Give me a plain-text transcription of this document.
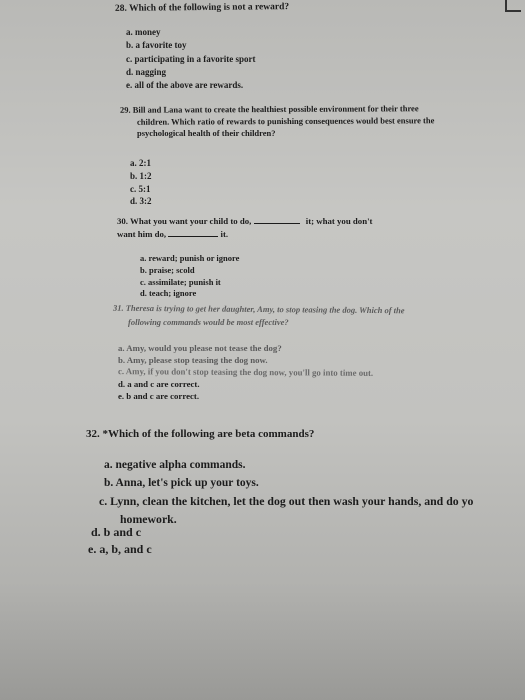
28. Which of the following is not a reward?
a. money
b. a favorite toy
c. participating in a favorite sport
d. nagging
e. all of the above are rewards.
29. Bill and Lana want to create the healthiest possible environment for their three
children. Which ratio of rewards to punishing consequences would best ensure the
psychological health of their children?
a. 2:1
b. 1:2
c. 5:1
d. 3:2
30. What you want your child to do,	it; what you don't
want him do,	it.
a. reward; punish or ignore
b. praise; scold
c. assimilate; punish it
d. teach; ignore
31. Theresa is trying to get her daughter, Amy, to stop teasing the dog. Which of the
following commands would be most effective?
a. Amy, would you please not tease the dog?
b. Amy, please stop teasing the dog now.
c. Amy, if you don't stop teasing the dog now, you'll go into time out.
d. a and c are correct.
e. b and c are correct.
32. *Which of the following are beta commands?
a. negative alpha commands.
b. Anna, let's pick up your toys.
c. Lynn, clean the kitchen, let the dog out then wash your hands, and do yo
homework.
d. b and c
e. a, b, and c
